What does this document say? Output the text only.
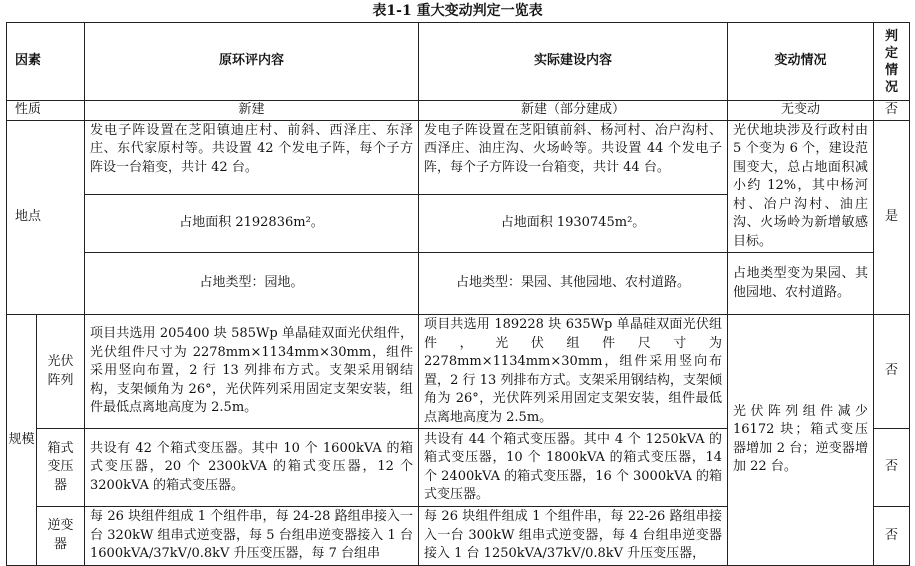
表1-1 重大变动判定一览表
因素		原环评内容	实际建设内容	变动情况	判定情况
性质		新建	新建（部分建成）	无变动	否
地点		发电子阵设置在芝阳镇迪庄村、前斜、西泽庄、东泽庄、东代家原村等。共设置 42 个发电子阵，每个子方阵设一台箱变，共计 42 台。	发电子阵设置在芝阳镇前斜、杨河村、冶户沟村、西泽庄、油庄沟、火场岭等。共设置 44 个发电子阵，每个子方阵设一台箱变，共计 44 台。	光伏地块涉及行政村由 5 个变为 6 个，建设范围变大，总占地面积减小约 12%，其中杨河村、冶户沟村、油庄沟、火场岭为新增敏感目标。	是
		占地面积 2192836m²。	占地面积 1930745m²。		
		占地类型：园地。	占地类型：果园、其他园地、农村道路。	占地类型变为果园、其他园地、农村道路。	
规模	光伏阵列	项目共选用 205400 块 585Wp 单晶硅双面光伏组件，光伏组件尺寸为 2278mm×1134mm×30mm，组件采用竖向布置，2 行 13 列排布方式。支架采用钢结构，支架倾角为 26°，光伏阵列采用固定支架安装，组件最低点离地高度为 2.5m。	项目共选用 189228 块 635Wp 单晶硅双面光伏组件，光伏组件尺寸为 2278mm×1134mm×30mm，组件采用竖向布置，2 行 13 列排布方式。支架采用钢结构，支架倾角为 26°，光伏阵列采用固定支架安装，组件最低点离地高度为 2.5m。	光伏阵列组件减少 16172 块；箱式变压器增加 2 台；逆变器增加 22 台。	否
	箱式变压器	共设有 42 个箱式变压器。其中 10 个 1600kVA 的箱式变压器，20 个 2300kVA 的箱式变压器，12 个 3200kVA 的箱式变压器。	共设有 44 个箱式变压器。其中 4 个 1250kVA 的箱式变压器，10 个 1800kVA 的箱式变压器，14 个 2400kVA 的箱式变压器，16 个 3000kVA 的箱式变压器。		否
	逆变器	每 26 块组件组成 1 个组件串，每 24-28 路组串接入一台 320kW 组串式逆变器，每 5 台组串逆变器接入 1 台 1600kVA/37kV/0.8kV 升压变压器，每 7 台组串	每 26 块组件组成 1 个组件串，每 22-26 路组串接入一台 300kW 组串式逆变器，每 4 台组串逆变器接入 1 台 1250kVA/37kV/0.8kV 升压变压器，		否
